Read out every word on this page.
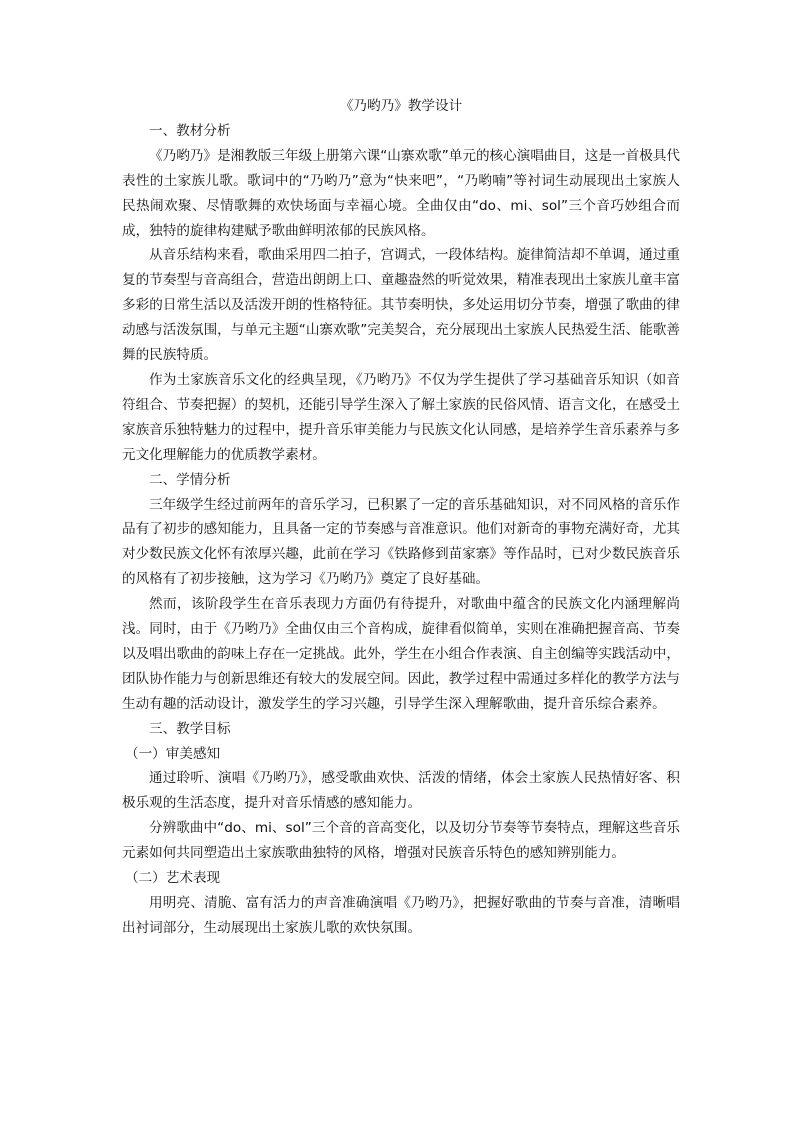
《乃哟乃》教学设计
一、教材分析
《乃哟乃》是湘教版三年级上册第六课“山寨欢歌”单元的核心演唱曲目，这是一首极具代表性的土家族儿歌。歌词中的“乃哟乃”意为“快来吧”，“乃哟喃”等衬词生动展现出土家族人民热闹欢聚、尽情歌舞的欢快场面与幸福心境。全曲仅由“do、mi、sol”三个音巧妙组合而成，独特的旋律构建赋予歌曲鲜明浓郁的民族风格。
从音乐结构来看，歌曲采用四二拍子，宫调式，一段体结构。旋律简洁却不单调，通过重复的节奏型与音高组合，营造出朗朗上口、童趣盎然的听觉效果，精准表现出土家族儿童丰富多彩的日常生活以及活泼开朗的性格特征。其节奏明快，多处运用切分节奏，增强了歌曲的律动感与活泼氛围，与单元主题“山寨欢歌”完美契合，充分展现出土家族人民热爱生活、能歌善舞的民族特质。
作为土家族音乐文化的经典呈现，《乃哟乃》不仅为学生提供了学习基础音乐知识（如音符组合、节奏把握）的契机，还能引导学生深入了解土家族的民俗风情、语言文化，在感受土家族音乐独特魅力的过程中，提升音乐审美能力与民族文化认同感，是培养学生音乐素养与多元文化理解能力的优质教学素材。
二、学情分析
三年级学生经过前两年的音乐学习，已积累了一定的音乐基础知识，对不同风格的音乐作品有了初步的感知能力，且具备一定的节奏感与音准意识。他们对新奇的事物充满好奇，尤其对少数民族文化怀有浓厚兴趣，此前在学习《铁路修到苗家寨》等作品时，已对少数民族音乐的风格有了初步接触，这为学习《乃哟乃》奠定了良好基础。
然而，该阶段学生在音乐表现力方面仍有待提升，对歌曲中蕴含的民族文化内涵理解尚浅。同时，由于《乃哟乃》全曲仅由三个音构成，旋律看似简单，实则在准确把握音高、节奏以及唱出歌曲的韵味上存在一定挑战。此外，学生在小组合作表演、自主创编等实践活动中，团队协作能力与创新思维还有较大的发展空间。因此，教学过程中需通过多样化的教学方法与生动有趣的活动设计，激发学生的学习兴趣，引导学生深入理解歌曲，提升音乐综合素养。
三、教学目标
（一）审美感知
通过聆听、演唱《乃哟乃》，感受歌曲欢快、活泼的情绪，体会土家族人民热情好客、积极乐观的生活态度，提升对音乐情感的感知能力。
分辨歌曲中“do、mi、sol”三个音的音高变化，以及切分节奏等节奏特点，理解这些音乐元素如何共同塑造出土家族歌曲独特的风格，增强对民族音乐特色的感知辨别能力。
（二）艺术表现
用明亮、清脆、富有活力的声音准确演唱《乃哟乃》，把握好歌曲的节奏与音准，清晰唱出衬词部分，生动展现出土家族儿歌的欢快氛围。
